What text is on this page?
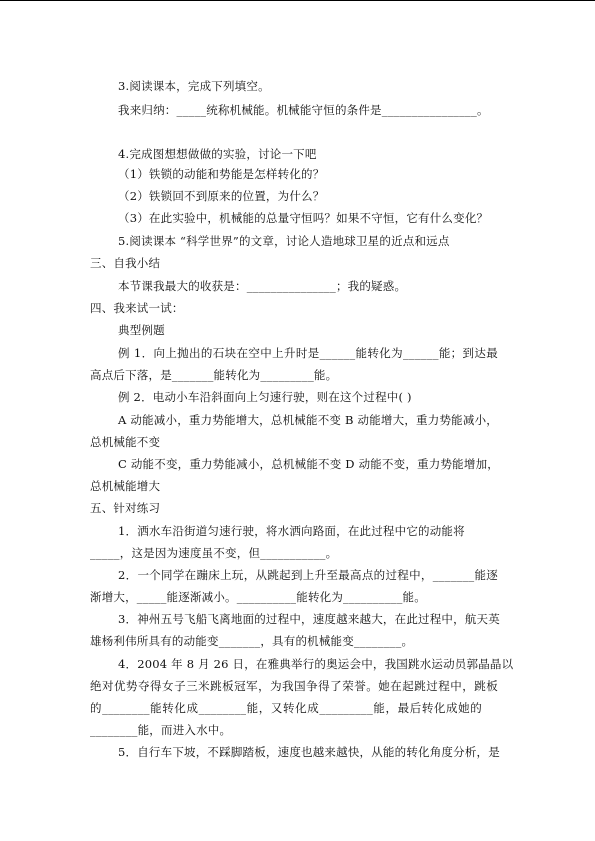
3.阅读课本，完成下列填空。
我来归纳：_____统称机械能。机械能守恒的条件是________________。
4.完成图想想做做的实验，讨论一下吧
（1）铁锁的动能和势能是怎样转化的？
（2）铁锁回不到原来的位置，为什么？
（3）在此实验中，机械能的总量守恒吗？如果不守恒，它有什么变化？
5.阅读课本 “科学世界”的文章，讨论人造地球卫星的近点和远点
三、自我小结
本节课我最大的收获是：_______________；我的疑惑。
四、我来试一试：
典型例题
例 1．向上抛出的石块在空中上升时是______能转化为______能；到达最
高点后下落，是_______能转化为_________能。
例 2．电动小车沿斜面向上匀速行驶，则在这个过程中( )
A 动能减小，重力势能增大，总机械能不变 B 动能增大，重力势能减小，
总机械能不变
C 动能不变，重力势能减小，总机械能不变 D 动能不变，重力势能增加，
总机械能增大
五、针对练习
1．洒水车沿街道匀速行驶，将水洒向路面，在此过程中它的动能将
_____，这是因为速度虽不变，但___________。
2．一个同学在蹦床上玩，从跳起到上升至最高点的过程中，_______能逐
渐增大，_____能逐渐减小。__________能转化为__________能。
3．神州五号飞船飞离地面的过程中，速度越来越大，在此过程中，航天英
雄杨利伟所具有的动能变_______，具有的机械能变________。
4．2004 年 8 月 26 日，在雅典举行的奥运会中，我国跳水运动员郭晶晶以
绝对优势夺得女子三米跳板冠军，为我国争得了荣誉。她在起跳过程中，跳板
的________能转化成________能，又转化成_________能，最后转化成她的
________能，而进入水中。
5．自行车下坡，不踩脚踏板，速度也越来越快，从能的转化角度分析，是
